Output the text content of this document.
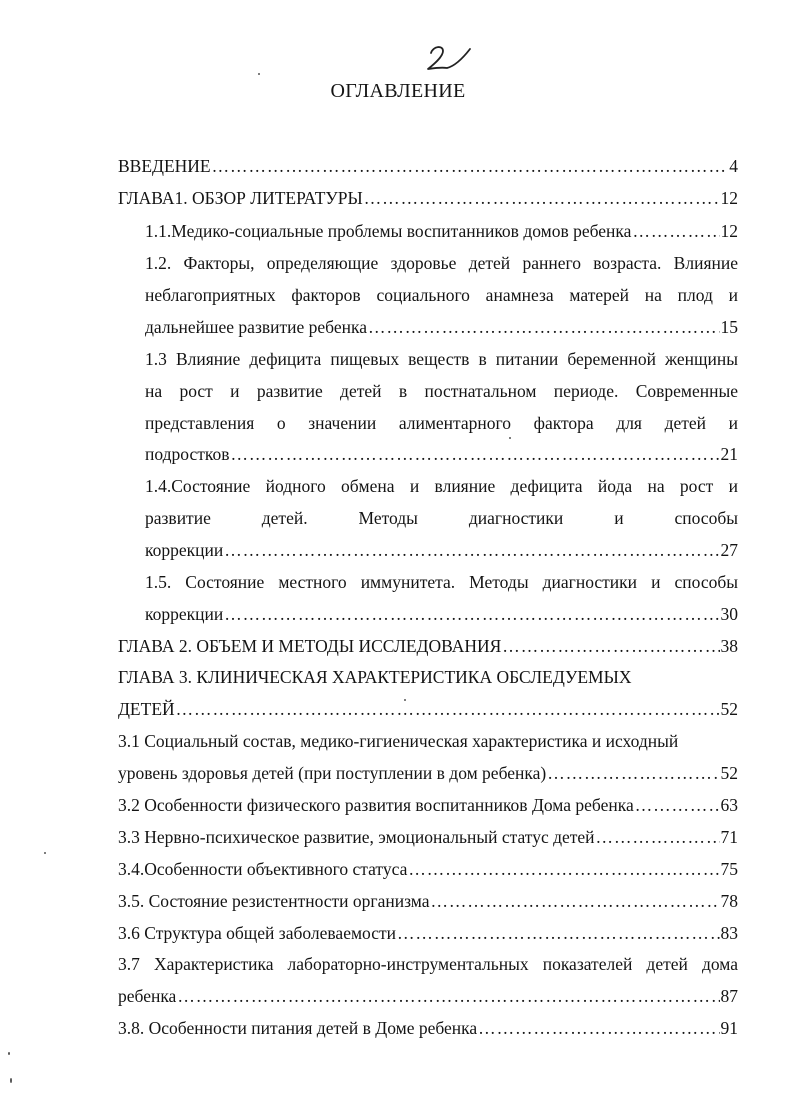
ОГЛАВЛЕНИЕ
ВВЕДЕНИЕ ………………………………………………………………………………………………………………………………………………………………………………	4
ГЛАВА1. ОБЗОР ЛИТЕРАТУРЫ ………………………………………………………………………………………………………………………………………………………………………………	12
1.1.Медико-социальные проблемы воспитанников домов ребенка ………………………………………………………………………………………………………………………………………………………………………………	12
1.2. Факторы, определяющие здоровье детей раннего возраста. Влияние
неблагоприятных факторов социального анамнеза матерей на плод и
дальнейшее развитие ребенка ………………………………………………………………………………………………………………………………………………………………………………	15
1.3 Влияние дефицита пищевых веществ в питании беременной женщины
на рост и развитие детей в постнатальном периоде. Современные
представления о значении алиментарного фактора для детей и
подростков ………………………………………………………………………………………………………………………………………………………………………………	21
1.4.Состояние йодного обмена и влияние дефицита йода на рост и
развитие детей. Методы диагностики и способы
коррекции ………………………………………………………………………………………………………………………………………………………………………………	27
1.5. Состояние местного иммунитета. Методы диагностики и способы
коррекции ………………………………………………………………………………………………………………………………………………………………………………	30
ГЛАВА 2. ОБЪЕМ И МЕТОДЫ ИССЛЕДОВАНИЯ ………………………………………………………………………………………………………………………………………………………………………………	38
ГЛАВА 3. КЛИНИЧЕСКАЯ ХАРАКТЕРИСТИКА ОБСЛЕДУЕМЫХ
ДЕТЕЙ ………………………………………………………………………………………………………………………………………………………………………………	52
3.1 Социальный состав, медико-гигиеническая характеристика и исходный
уровень здоровья детей (при поступлении в дом ребенка) ………………………………………………………………………………………………………………………………………………………………………………	52
3.2 Особенности физического развития воспитанников Дома ребенка ………………………………………………………………………………………………………………………………………………………………………………	63
3.3 Нервно-психическое развитие, эмоциональный статус детей ………………………………………………………………………………………………………………………………………………………………………………	71
3.4.Особенности объективного статуса ………………………………………………………………………………………………………………………………………………………………………………	75
3.5. Состояние резистентности организма ………………………………………………………………………………………………………………………………………………………………………………	78
3.6 Структура общей заболеваемости ………………………………………………………………………………………………………………………………………………………………………………	83
3.7 Характеристика лабораторно-инструментальных показателей детей дома
ребенка ………………………………………………………………………………………………………………………………………………………………………………	87
3.8. Особенности питания детей в Доме ребенка ………………………………………………………………………………………………………………………………………………………………………………	91
